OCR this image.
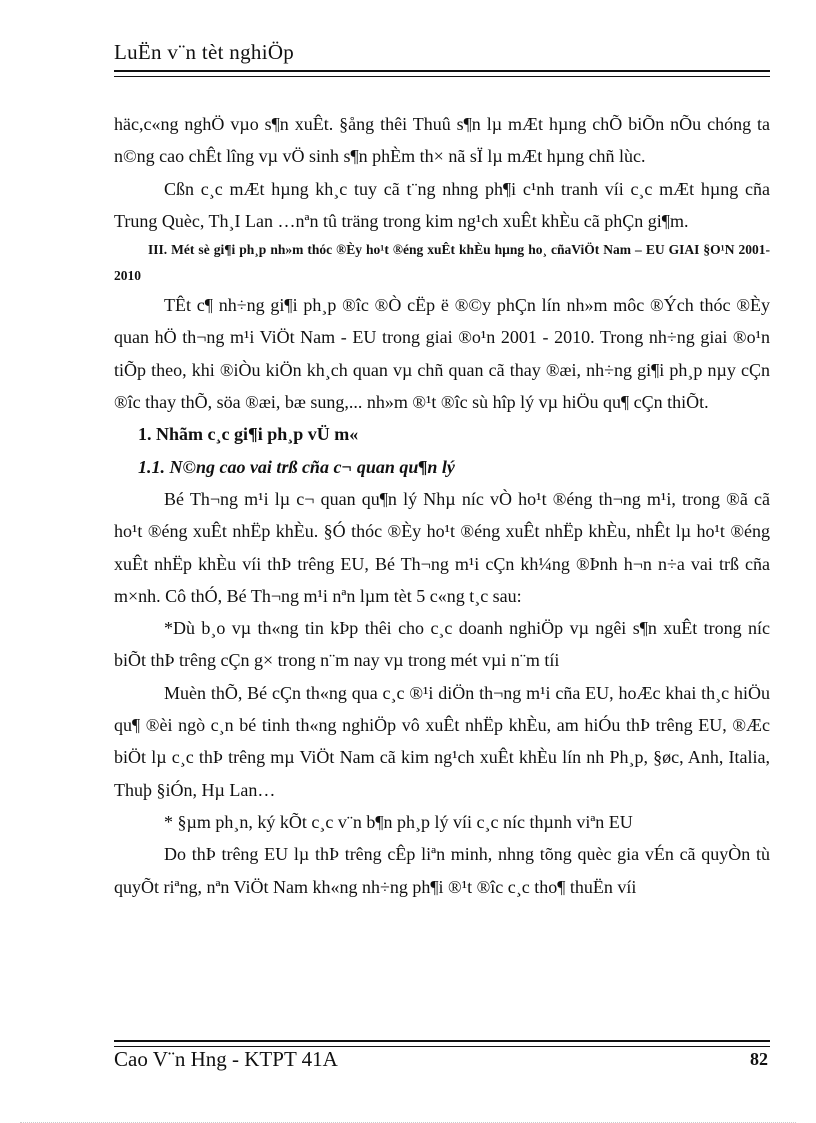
LuËn v¨n tèt nghiÖp

häc,c«ng nghÖ vµo s¶n xuÊt. §ång thêi Thuû s¶n lµ mÆt hµng chÕ biÕn nÕu chóng ta n©ng cao chÊt lîng vµ vÖ sinh s¶n phÈm th× nã sÏ lµ mÆt hµng chñ lùc.

Cßn c¸c mÆt hµng kh¸c tuy cã t¨ng nhng ph¶i c¹nh tranh víi c¸c mÆt hµng cña Trung Quèc, Th¸I Lan …nªn tû träng trong kim ng¹ch xuÊt khÈu cã phÇn gi¶m.

III. Mét sè gi¶i ph¸p nh»m thóc ®Èy ho¹t ®éng xuÊt khÈu hµng ho¸ cñaViÖt Nam – EU GIAI §O¹N 2001-2010

TÊt c¶ nh÷ng gi¶i ph¸p ®îc ®Ò cËp ë ®©y phÇn lín nh»m môc ®Ých thóc ®Èy quan hÖ th¬ng m¹i ViÖt Nam - EU trong giai ®o¹n 2001 - 2010. Trong nh÷ng giai ®o¹n tiÕp theo, khi ®iÒu kiÖn kh¸ch quan vµ chñ quan cã thay ®æi, nh÷ng gi¶i ph¸p nµy cÇn ®îc thay thÕ, söa ®æi, bæ sung,... nh»m ®¹t ®îc sù hîp lý vµ hiÖu qu¶ cÇn thiÕt.

1. Nhãm c¸c gi¶i ph¸p vÜ m«

1.1. N©ng cao vai trß cña c¬ quan qu¶n lý

Bé Th¬ng m¹i lµ c¬ quan qu¶n lý Nhµ níc vÒ ho¹t ®éng th¬ng m¹i, trong ®ã cã ho¹t ®éng xuÊt nhËp khÈu. §Ó thóc ®Èy ho¹t ®éng xuÊt nhËp khÈu, nhÊt lµ ho¹t ®éng xuÊt nhËp khÈu víi thÞ trêng EU, Bé Th¬ng m¹i cÇn kh¼ng ®Þnh h¬n n÷a vai trß cña m×nh. Cô thÓ, Bé Th¬ng m¹i nªn lµm tèt 5 c«ng t¸c sau:

*Dù b¸o vµ th«ng tin kÞp thêi cho c¸c doanh nghiÖp vµ ngêi s¶n xuÊt trong níc biÕt thÞ trêng cÇn g× trong n¨m nay vµ trong mét vµi n¨m tíi

Muèn thÕ, Bé cÇn th«ng qua c¸c ®¹i diÖn th¬ng m¹i cña EU, hoÆc khai th¸c hiÖu qu¶ ®èi ngò c¸n bé tinh th«ng nghiÖp vô xuÊt nhËp khÈu, am hiÓu thÞ trêng EU, ®Æc biÖt lµ c¸c thÞ trêng mµ ViÖt Nam cã kim ng¹ch xuÊt khÈu lín nh Ph¸p, §øc, Anh, Italia, Thuþ §iÓn, Hµ Lan…

* §µm ph¸n, ký kÕt c¸c v¨n b¶n ph¸p lý víi c¸c níc thµnh viªn EU

Do thÞ trêng EU lµ thÞ trêng cÊp liªn minh, nhng tõng quèc gia vÉn cã quyÒn tù quyÕt riªng, nªn ViÖt Nam kh«ng nh÷ng ph¶i ®¹t ®îc c¸c tho¶ thuËn víi

Cao V¨n Hng - KTPT 41A	82
